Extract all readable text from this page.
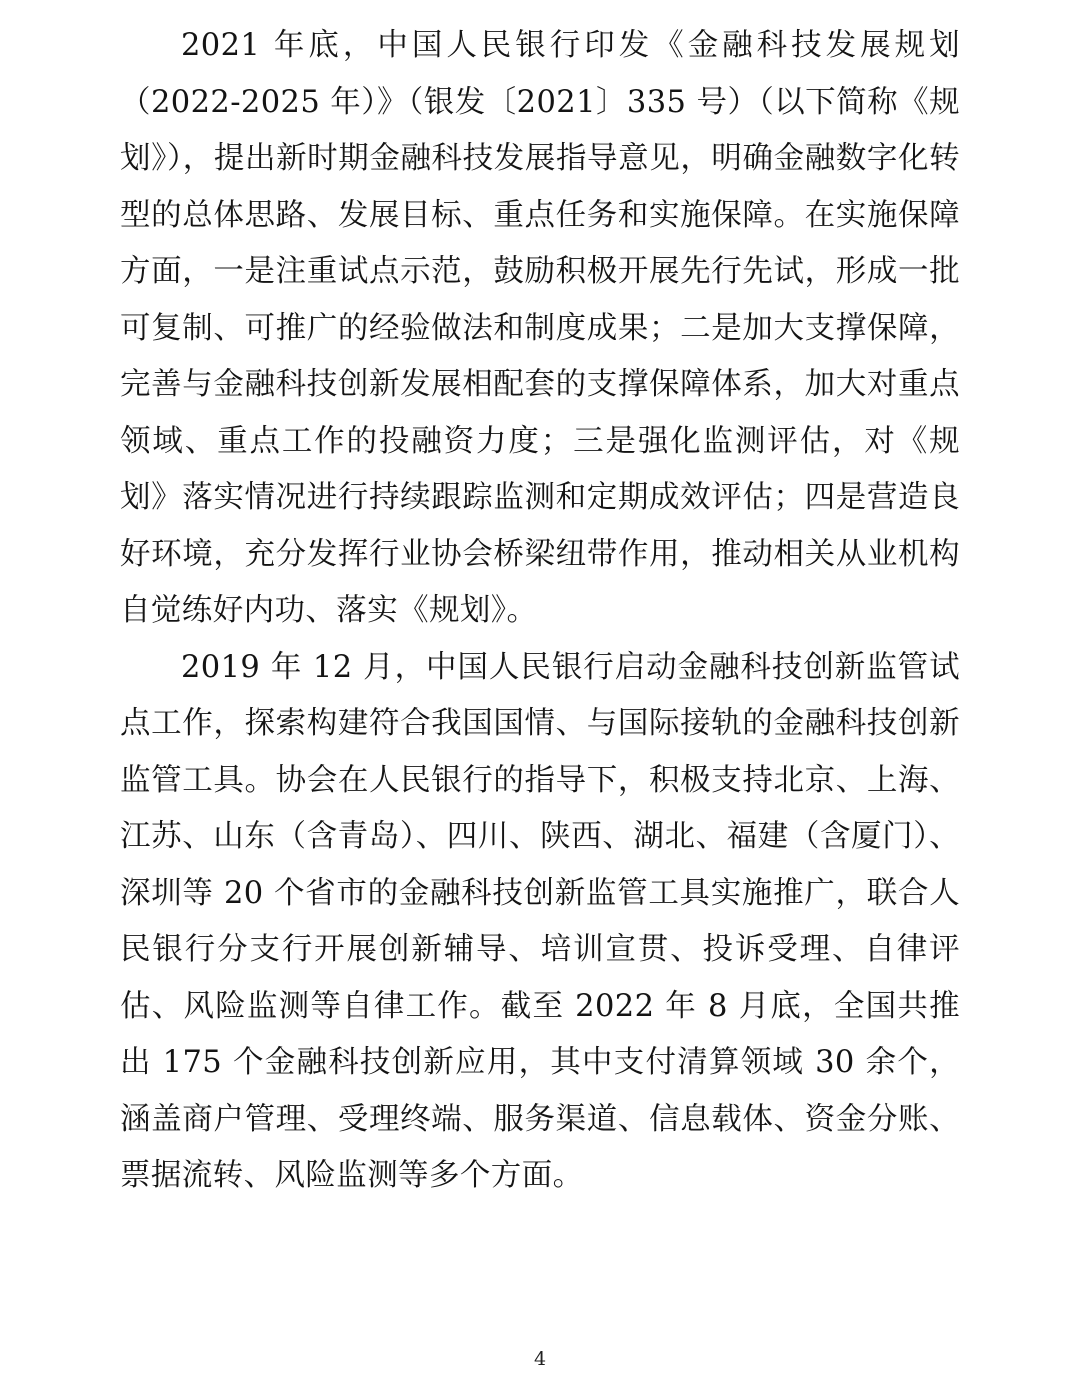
2021 年底，中国人民银行印发《金融科技发展规划（2022-2025 年）》（银发〔2021〕335 号）（以下简称《规划》），提出新时期金融科技发展指导意见，明确金融数字化转型的总体思路、发展目标、重点任务和实施保障。在实施保障方面，一是注重试点示范，鼓励积极开展先行先试，形成一批可复制、可推广的经验做法和制度成果；二是加大支撑保障，完善与金融科技创新发展相配套的支撑保障体系，加大对重点领域、重点工作的投融资力度；三是强化监测评估，对《规划》落实情况进行持续跟踪监测和定期成效评估；四是营造良好环境，充分发挥行业协会桥梁纽带作用，推动相关从业机构自觉练好内功、落实《规划》。

2019 年 12 月，中国人民银行启动金融科技创新监管试点工作，探索构建符合我国国情、与国际接轨的金融科技创新监管工具。协会在人民银行的指导下，积极支持北京、上海、江苏、山东（含青岛）、四川、陕西、湖北、福建（含厦门）、深圳等 20 个省市的金融科技创新监管工具实施推广，联合人民银行分支行开展创新辅导、培训宣贯、投诉受理、自律评估、风险监测等自律工作。截至 2022 年 8 月底，全国共推出 175 个金融科技创新应用，其中支付清算领域 30 余个，涵盖商户管理、受理终端、服务渠道、信息载体、资金分账、票据流转、风险监测等多个方面。

4
